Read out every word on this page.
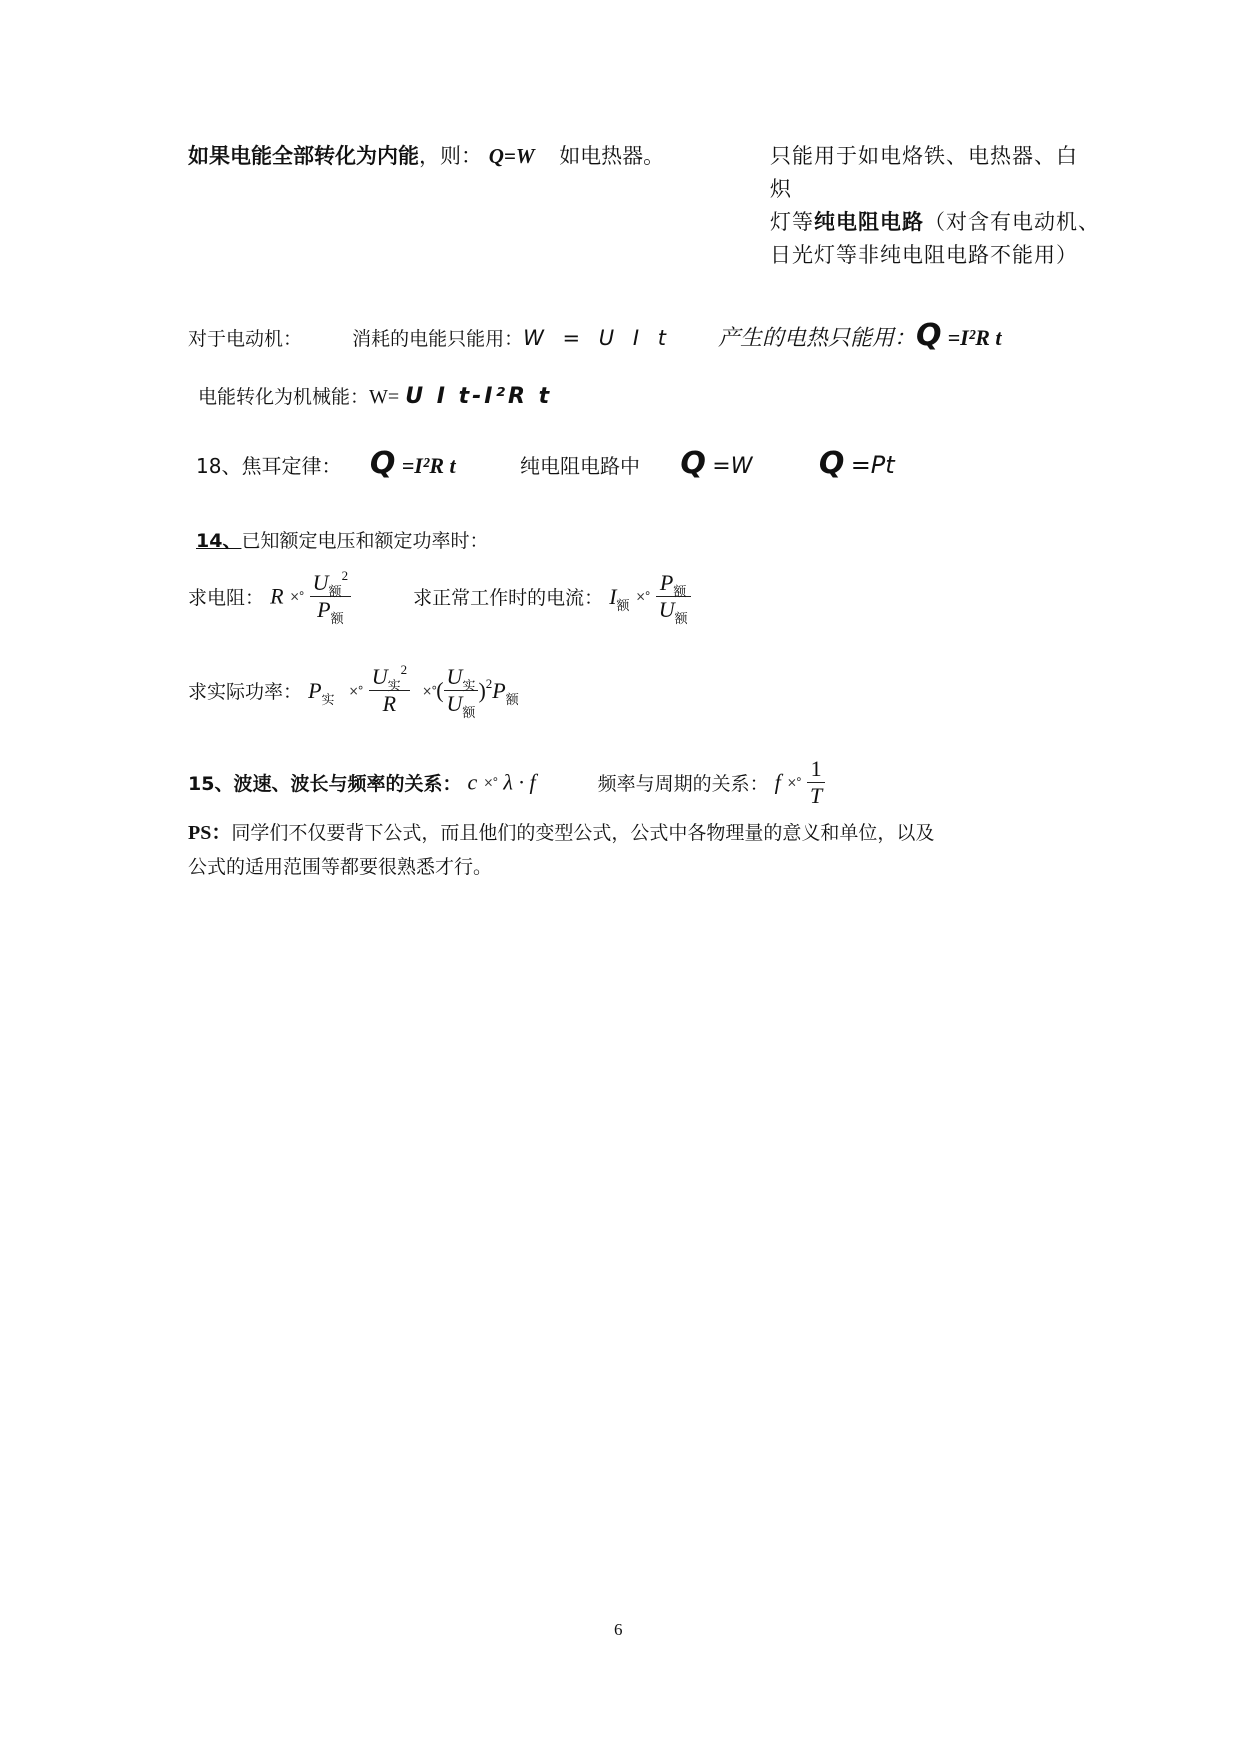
如果电能全部转化为内能，则： Q=W 如电热器。	只能用于如电烙铁、电热器、白
炽
灯等纯电阻电路（对含有电动机、
日光灯等非纯电阻电路不能用）
对于电动机：	消耗的电能只能用：W = U I t 产生的电热只能用：Q =I²R t
电能转化为机械能：W= U I t-I²R t
18、焦耳定律： Q =I²R t	纯电阻电路中 Q =W Q =Pt
14、已知额定电压和额定功率时：
求电阻： R ×° $\frac{U_额^2}{P_额}$	求正常工作时的电流： $I_额$ ×° $\frac{P_额}{U_额}$
求实际功率： $P_实$ ×° $\frac{U_实^2}{R}$ ×°( $\frac{U_实}{U_额} )^2P_额$
15、波速、波长与频率的关系： c ×° λ · f	频率与周期的关系： f ×° $\frac{1}{T}$
PS：同学们不仅要背下公式，而且他们的变型公式，公式中各物理量的意义和单位，以及
公式的适用范围等都要很熟悉才行。
6
